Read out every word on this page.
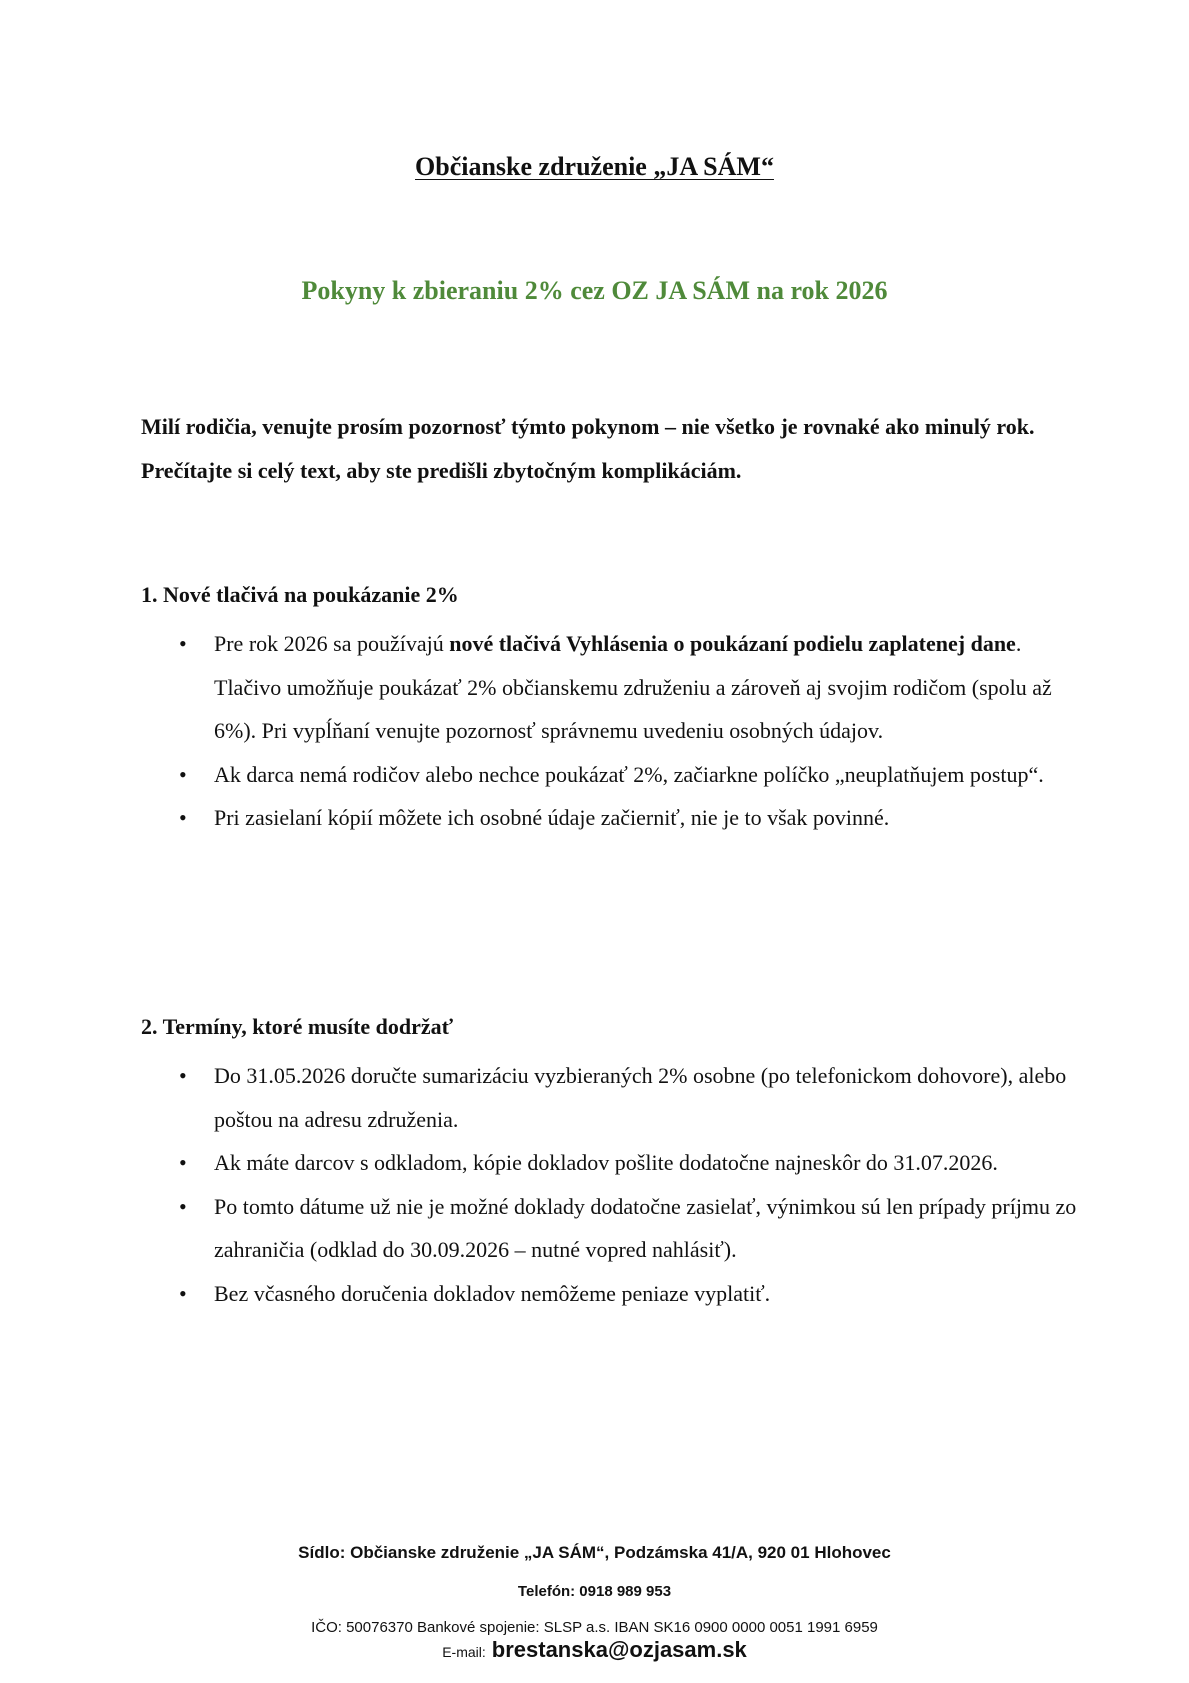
Občianske združenie „JA SÁM“
Pokyny k zbieraniu 2% cez OZ JA SÁM na rok 2026
Milí rodičia, venujte prosím pozornosť týmto pokynom – nie všetko je rovnaké ako minulý rok. Prečítajte si celý text, aby ste predišli zbytočným komplikáciám.
1. Nové tlačivá na poukázanie 2%
• Pre rok 2026 sa používajú nové tlačivá Vyhlásenia o poukázaní podielu zaplatenej dane. Tlačivo umožňuje poukázať 2% občianskemu združeniu a zároveň aj svojim rodičom (spolu až 6%). Pri vypĺňaní venujte pozornosť správnemu uvedeniu osobných údajov.
• Ak darca nemá rodičov alebo nechce poukázať 2%, začiarkne políčko „neuplatňujem postup“.
• Pri zasielaní kópií môžete ich osobné údaje začierniť, nie je to však povinné.
2. Termíny, ktoré musíte dodržať
• Do 31.05.2026 doručte sumarizáciu vyzbieraných 2% osobne (po telefonickom dohovore), alebo poštou na adresu združenia.
• Ak máte darcov s odkladom, kópie dokladov pošlite dodatočne najneskôr do 31.07.2026.
• Po tomto dátume už nie je možné doklady dodatočne zasielať, výnimkou sú len prípady príjmu zo zahraničia (odklad do 30.09.2026 – nutné vopred nahlásiť).
• Bez včasného doručenia dokladov nemôžeme peniaze vyplatiť.
Sídlo: Občianske združenie „JA SÁM“, Podzámska 41/A, 920 01 Hlohovec
Telefón: 0918 989 953
IČO: 50076370 Bankové spojenie: SLSP a.s. IBAN SK16 0900 0000 0051 1991 6959
E-mail: brestanska@ozjasam.sk
